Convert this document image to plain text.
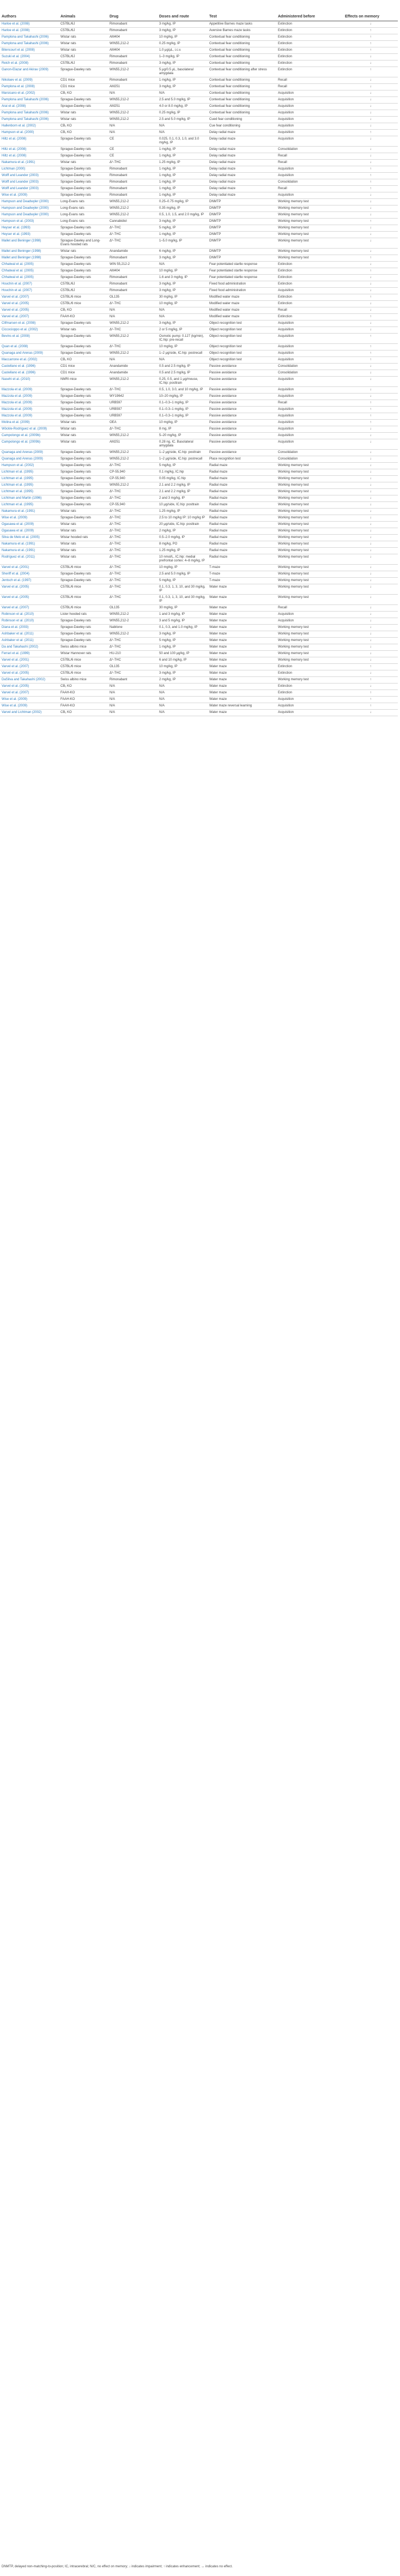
Authors	Animals	Drug	Doses and route	Test	Administered before	Effects on memory
Harloe et al. (2008)	C57BL/6J	Rimonabant	3 mg/kg, IP	Appetitive Barnes maze tasks	Extinction	↓
Harloe et al. (2008)	C57BL/6J	Rimonabant	3 mg/kg, IP	Aversive Barnes maze tasks	Extinction	↑
Pamplona and Takahashi (2006)	Wistar rats	AM404	10 mg/kg, IP	Contextual fear conditioning	Extinction	↑
Pamplona and Takahashi (2006)	Wistar rats	WIN55,212-2	0.25 mg/kg, IP	Contextual fear conditioning	Extinction	↑
Bitencourt et al. (2008)	Wistar rats	AM404	1.0 μg/μL, i.c.v.	Contextual fear conditioning	Extinction	↑
Suzuki et al. (2004)	C57BL/6J	Rimonabant	1–3 mg/kg, IP	Contextual fear conditioning	Extinction	↓
Reich et al. (2008)	C57BL/6J	Rimonabant	3 mg/kg, IP	Contextual fear conditioning	Extinction	↓
Ganon-Elazar and Akirav (2009)	Sprague-Dawley rats	WIN55,212-2	5 μg/0.5 μL, basolateral amygdala	Contextual fear conditioning after stress	Extinction	↑
Nikolaev et al. (2009)	CD1 mice	Rimonabant	1 mg/kg, IP	Contextual fear conditioning	Recall	↓
Pamplona et al. (2008)	CD1 mice	AM251	3 mg/kg, IP	Contextual fear conditioning	Recall	↓
Marsicano et al. (2002)	CB₁ KO	N/A	N/A	Contextual fear conditioning	Acquisition	↓
Pamplona and Takahashi (2006)	Sprague-Dawley rats	WIN55,212-2	2.5 and 5.0 mg/kg, IP	Contextual fear conditioning	Acquisition	↓
Arai et al. (2008)	Sprague-Dawley rats	AM251	4.0 or 8.0 mg/kg, IP	Contextual fear conditioning	Acquisition	↓
Pamplona and Takahashi (2006)	Wistar rats	WIN55,212-2	0.25 mg/kg, IP	Contextual fear conditioning	Acquisition	↓
Pamplona and Takahashi (2006)	Wistar rats	WIN55,212-2	2.5 and 5.0 mg/kg, IP	Cued fear conditioning	Acquisition	↓
Hallenborn et al. (2002)	CB₁ KO	N/A	N/A	Cue fear conditioning	Acquisition	↓
Hampson et al. (2000)	CB₁ KO	N/A	N/A	Delay radial maze	Acquisition	↑
Hiltz et al. (2008)	Sprague-Dawley rats	CE	0.025, 0.1, 0.3, 1.0, and 3.0 mg/kg, IP	Delay radial maze	Acquisition	↓
Hiltz et al. (2008)	Sprague-Dawley rats	CE	1 mg/kg, IP	Delay radial maze	Consolidation	↓
Hiltz et al. (2008)	Sprague-Dawley rats	CE	1 mg/kg, IP	Delay radial maze	Recall	↓
Nakamura et al. (1991)	Wistar rats	Δ⁹-THC	1.25 mg/kg, IP	Delay radial maze	Recall	↓
Lichtman (2000)	Sprague-Dawley rats	Rimonabant	1 mg/kg, IP	Delay radial maze	Acquisition	↑
Wolff and Leander (2003)	Sprague-Dawley rats	Rimonabant	1 mg/kg, IP	Delay radial maze	Acquisition	↑
Wolff and Leander (2003)	Sprague-Dawley rats	Rimonabant	1 mg/kg, IP	Delay radial maze	Consolidation	↑
Wolff and Leander (2003)	Sprague-Dawley rats	Rimonabant	1 mg/kg, IP	Delay radial maze	Recall	↑
Wise et al. (2009)	Sprague-Dawley rats	Rimonabant	1 mg/kg, IP	Delay radial maze	Acquisition	↓
Hampson and Deadwyler (2000)	Long-Evans rats	WIN55,212-2	0.25–0.75 mg/kg, IP	DNMTP	Working memory test	↓
Hampson and Deadwyler (2000)	Long-Evans rats	WIN55,212-2	0.35 mg/kg, IP	DNMTP	Working memory test	↓
Hampson and Deadwyler (2000)	Long-Evans rats	WIN55,212-2	0.5, 1.0, 1.5, and 2.0 mg/kg, IP	DNMTP	Working memory test	↓
Hampson et al. (2003)	Long-Evans rats	Cannabidiol	3 mg/kg, IP	DNMTP	Working memory test	↑
Heyser et al. (1993)	Sprague-Dawley rats	Δ⁹-THC	5 mg/kg, IP	DNMTP	Working memory test	↓
Heyser et al. (1993)	Sprague-Dawley rats	Δ⁹-THC	1 mg/kg, IP	DNMTP	Working memory test	↓
Mallet and Beninger (1998)	Sprague-Dawley and Long-Evans hooded rats	Δ⁹-THC	1–5.0 mg/kg, IP	DNMTP	Working memory test	↓
Mallet and Beninger (1998)	Wistar rats	Anandamide	6 mg/kg, IP	DNMTP	Working memory test	↓
Mallet and Beninger (1998)	Sprague-Dawley rats	Rimonabant	3 mg/kg, IP	DNMTP	Working memory test	↑
Chhatwal et al. (2005)	Sprague-Dawley rats	WIN 55,212-2	N/A	Fear potentiated startle response	Extinction	↓
Chhatwal et al. (2005)	Sprague-Dawley rats	AM404	10 mg/kg, IP	Fear potentiated startle response	Extinction	↑
Chhatwal et al. (2005)	Sprague-Dawley rats	Rimonabant	1.6 and 3 mg/kg, IP	Fear potentiated startle response	Extinction	↓
Houchin et al. (2007)	C57BL/6J	Rimonabant	3 mg/kg, IP	Fixed food administration	Extinction	↓
Houchin et al. (2007)	C57BL/6J	Rimonabant	3 mg/kg, IP	Fixed food administration	Acquisition	↓
Varvel et al. (2007)	C57BL/6 mice	OL135	30 mg/kg, IP	Modified water maze	Extinction	↑
Varvel et al. (2005)	C57BL/6 mice	Δ⁹-THC	10 mg/kg, IP	Modified water maze	Extinction	↓
Varvel et al. (2005)	CB₁ KO	N/A	N/A	Modified water maze	Recall	↓
Varvel et al. (2007)	FAAH-KO	N/A	N/A	Modified water maze	Extinction	↑
Clifmarsen et al. (2008)	Sprague-Dawley rats	WIN55,212-2	3 mg/kg, IP	Object recognition test	Acquisition	↓
Ciccocioppo et al. (2002)	Wistar rats	Δ⁹-THC	2 or 5 mg/kg, IP	Object recognition test	Acquisition	↓
Bevins et al. (2008)	Sprague-Dawley rats	WIN55,212-2	Osmotic pump: 0.127 (kg/min), IC.hip: pre-recall	Object recognition test	Acquisition	↑
Quan et al. (2008)	Sprague-Dawley rats	Δ⁹-THC	10 mg/kg, IP	Object recognition test	Acquisition	↑
Quanaga and Arenas (2009)	Sprague-Dawley rats	WIN55,212-2	1–2 μg/side, IC.hip: postrecall	Object recognition test	Acquisition	↑
Maccarrone et al. (2002)	CB₁ KO	N/A	N/A	Object recognition test	Acquisition	↑
Castellano et al. (1996)	CD1 mice	Anandamide	0.5 and 2.5 mg/kg, IP	Passive avoidance	Consolidation	↓
Castellano et al. (1996)	CD1 mice	Anandamide	0.5 and 2.5 mg/kg, IP	Passive avoidance	Consolidation	↓
Nasehi et al. (2010)	NMRI mice	WIN55,212-2	0.25, 0.5, and 1 μg/mouse, IC.hip: posttrain	Passive avoidance	Acquisition	↓
Mazzola et al. (2009)	Sprague-Dawley rats	Δ⁹-THC	0.5, 1.0, 3.0, and 10 mg/kg, IP	Passive avoidance	Acquisition	↓
Mazzola et al. (2009)	Sprague-Dawley rats	WY19642	10–20 mg/kg, IP	Passive avoidance	Acquisition	↓
Mazzola et al. (2009)	Sprague-Dawley rats	URB597	0.1–0.3–1 mg/kg, IP	Passive avoidance	Recall	↑
Mazzola et al. (2009)	Sprague-Dawley rats	URB597	0.1–0.3–1 mg/kg, IP	Passive avoidance	Acquisition	↑
Mazzola et al. (2009)	Sprague-Dawley rats	URB597	0.1–0.3–1 mg/kg, IP	Passive avoidance	Acquisition	↑
Molina et al. (2009)	Wistar rats	OEA	10 mg/kg, IP	Passive avoidance	Acquisition	↑
Wöckle-Rodríguez et al. (2009)	Wistar rats	Δ⁹-THC	8 mg, IP	Passive avoidance	Acquisition	↓
Campolongo et al. (2009b)	Wistar rats	WIN55,212-2	5–20 mg/kg, IP	Passive avoidance	Acquisition	↓
Campolongo et al. (2009b)	Wistar rats	AM251	0.28 ng, IC. Basolateral amygdala	Passive avoidance	Acquisition	↓
Quanaga and Arenas (2009)	Sprague-Dawley rats	WIN55,212-2	1–2 μg/side, IC.hip: posttrain	Passive avoidance	Consolidation	↓
Quanaga and Arenas (2009)	Sprague-Dawley rats	WIN55,212-2	1–2 μg/side, IC.hip: postrecall	Place recognition test	Consolidation	↓
Hampson et al. (2002)	Sprague-Dawley rats	Δ⁹-THC	5 mg/kg, IP	Radial maze	Working memory test	↓
Lichtman et al. (1995)	Sprague-Dawley rats	CP-55,940	0.1 mg/kg, IC.hip	Radial maze	Working memory test	↓
Lichtman et al. (1995)	Sprague-Dawley rats	CP-55,940	0.05 mg/kg, IC.hip	Radial maze	Working memory test	↓
Lichtman et al. (1995)	Sprague-Dawley rats	WIN55,212-2	2.1 and 2.2 mg/kg, IP	Radial maze	Working memory test	↓
Lichtman et al. (1995)	Sprague-Dawley rats	Δ⁹-THC	2.1 and 2.2 mg/kg, IP	Radial maze	Working memory test	↓
Lichtman and Martin (1996)	Sprague-Dawley rats	Δ⁹-THC	2 and 3 mg/kg, IP	Radial maze	Working memory test	↓
Lichtman et al. (1995)	Sprague-Dawley rats	CP-55,940	10 μg/side, IC.hip: posttrain	Radial maze	Working memory test	↓
Nakamura et al. (1991)	Wistar rats	Δ⁹-THC	1.25 mg/kg, IP	Radial maze	Working memory test	↓
Wise et al. (2009)	Sprague-Dawley rats	Δ⁹-THC	2.5 to 10 mg/kg IP: 10 mg/kg IP	Radial maze	Working memory test	↓
Ogasawa et al. (2009)	Wistar rats	Δ⁹-THC	20 μg/side, IC.hip: posttrain	Radial maze	Working memory test	↓
Ogasawa et al. (2009)	Wistar rats	Δ⁹-THC	2 mg/kg, IP	Radial maze	Working memory test	↓
Silva de Melo et al. (2005)	Wistar hooded rats	Δ⁹-THC	0.5–2.0 mg/kg, IP	Radial maze	Working memory test	↓
Nakamura et al. (1991)	Wistar rats	Δ⁹-THC	8 mg/kg, PO	Radial maze	Working memory test	↓
Nakamura et al. (1991)	Wistar rats	Δ⁹-THC	1.25 mg/kg, IP	Radial maze	Working memory test	↓
Rodríguez et al. (2011)	Wistar rats	Δ⁹-THC	10 nmol/L, IC.hip: medial prefrontal cortex: 4–8 mg/kg, IP	Radial maze	Working memory test	↓
Varvel et al. (2001)	C57BL/6 mice	Δ⁹-THC	10 mg/kg, IP	T-maze	Working memory test	↓
Sheriff et al. (2004)	Sprague-Dawley rats	Δ⁹-THC	2.5 and 5.0 mg/kg, IP	T-maze	Working memory test	↓
Jentsch et al. (1997)	Sprague-Dawley rats	Δ⁹-THC	5 mg/kg, IP	T-maze	Working memory test	↓
Varvel et al. (2005)	C57BL/6 mice	Δ⁹-THC	0.1, 0.3, 1, 3, 10, and 30 mg/kg, IP	Water maze	Working memory test	↓
Varvel et al. (2005)	C57BL/6 mice	Δ⁹-THC	0.1, 0.3, 1, 3, 10, and 30 mg/kg, IP	Water maze	Working memory test	↓
Varvel et al. (2007)	C57BL/6 mice	OL135	30 mg/kg, IP	Water maze	Recall	↓
Robinson et al. (2010)	Lister hooded rats	WIN55,212-2	1 and 3 mg/kg, IP	Water maze	Acquisition	↓
Robinson et al. (2010)	Sprague-Dawley rats	WIN55,212-2	3 and 5 mg/kg, IP	Water maze	Acquisition	↓
Diana et al. (2003)	Sprague-Dawley rats	Nabilone	0.1, 0.3, and 1.0 mg/kg, IP	Water maze	Working memory test	↓
Ashbaker et al. (2011)	Sprague-Dawley rats	WIN55,212-2	3 mg/kg, IP	Water maze	Working memory test	↓
Ashbaker et al. (2011)	Sprague-Dawley rats	Δ⁹-THC	5 mg/kg, IP	Water maze	Working memory test	↓
Da and Takahashi (2002)	Swiss albino mice	Δ⁹-THC	1 mg/kg, IP	Water maze	Working memory test	↓
Ferrari et al. (1999)	Wistar Hannover rats	HU-210	50 and 100 μg/kg, IP	Water maze	Working memory test	↓
Varvel et al. (2001)	C57BL/6 mice	Δ⁹-THC	6 and 10 mg/kg, IP	Water maze	Working memory test	↓
Varvel et al. (2007)	C57BL/6 mice	OL135	10 mg/kg, IP	Water maze	Extinction	↑
Varvel et al. (2005)	C57BL/6 mice	Δ⁹-THC	3 mg/kg, IP	Water maze	Extinction	↓
DaSilva and Takahashi (2002)	Swiss albino mice	Rimonabant	2 mg/kg, IP	Water maze	Working memory test	↑
Varvel et al. (2005)	CB₁ KO	N/A	N/A	Water maze	Extinction	↓
Varvel et al. (2007)	FAAH-KO	N/A	N/A	Water maze	Extinction	↑
Wise et al. (2009)	FAAH-KO	N/A	N/A	Water maze	Acquisition	↑
Wise et al. (2009)	FAAH-KO	N/A	N/A	Water maze reversal learning	Acquisition	↑
Varvel and Lichtman (2002)	CB₁ KO	N/A	N/A	Water maze	Acquisition	↓
DNMTP, delayed non-matching-to-position; IC, intracerebral; N/C, no effect on memory; ↓ indicates impairment; ↑ indicates enhancement; ↔ indicates no effect.
